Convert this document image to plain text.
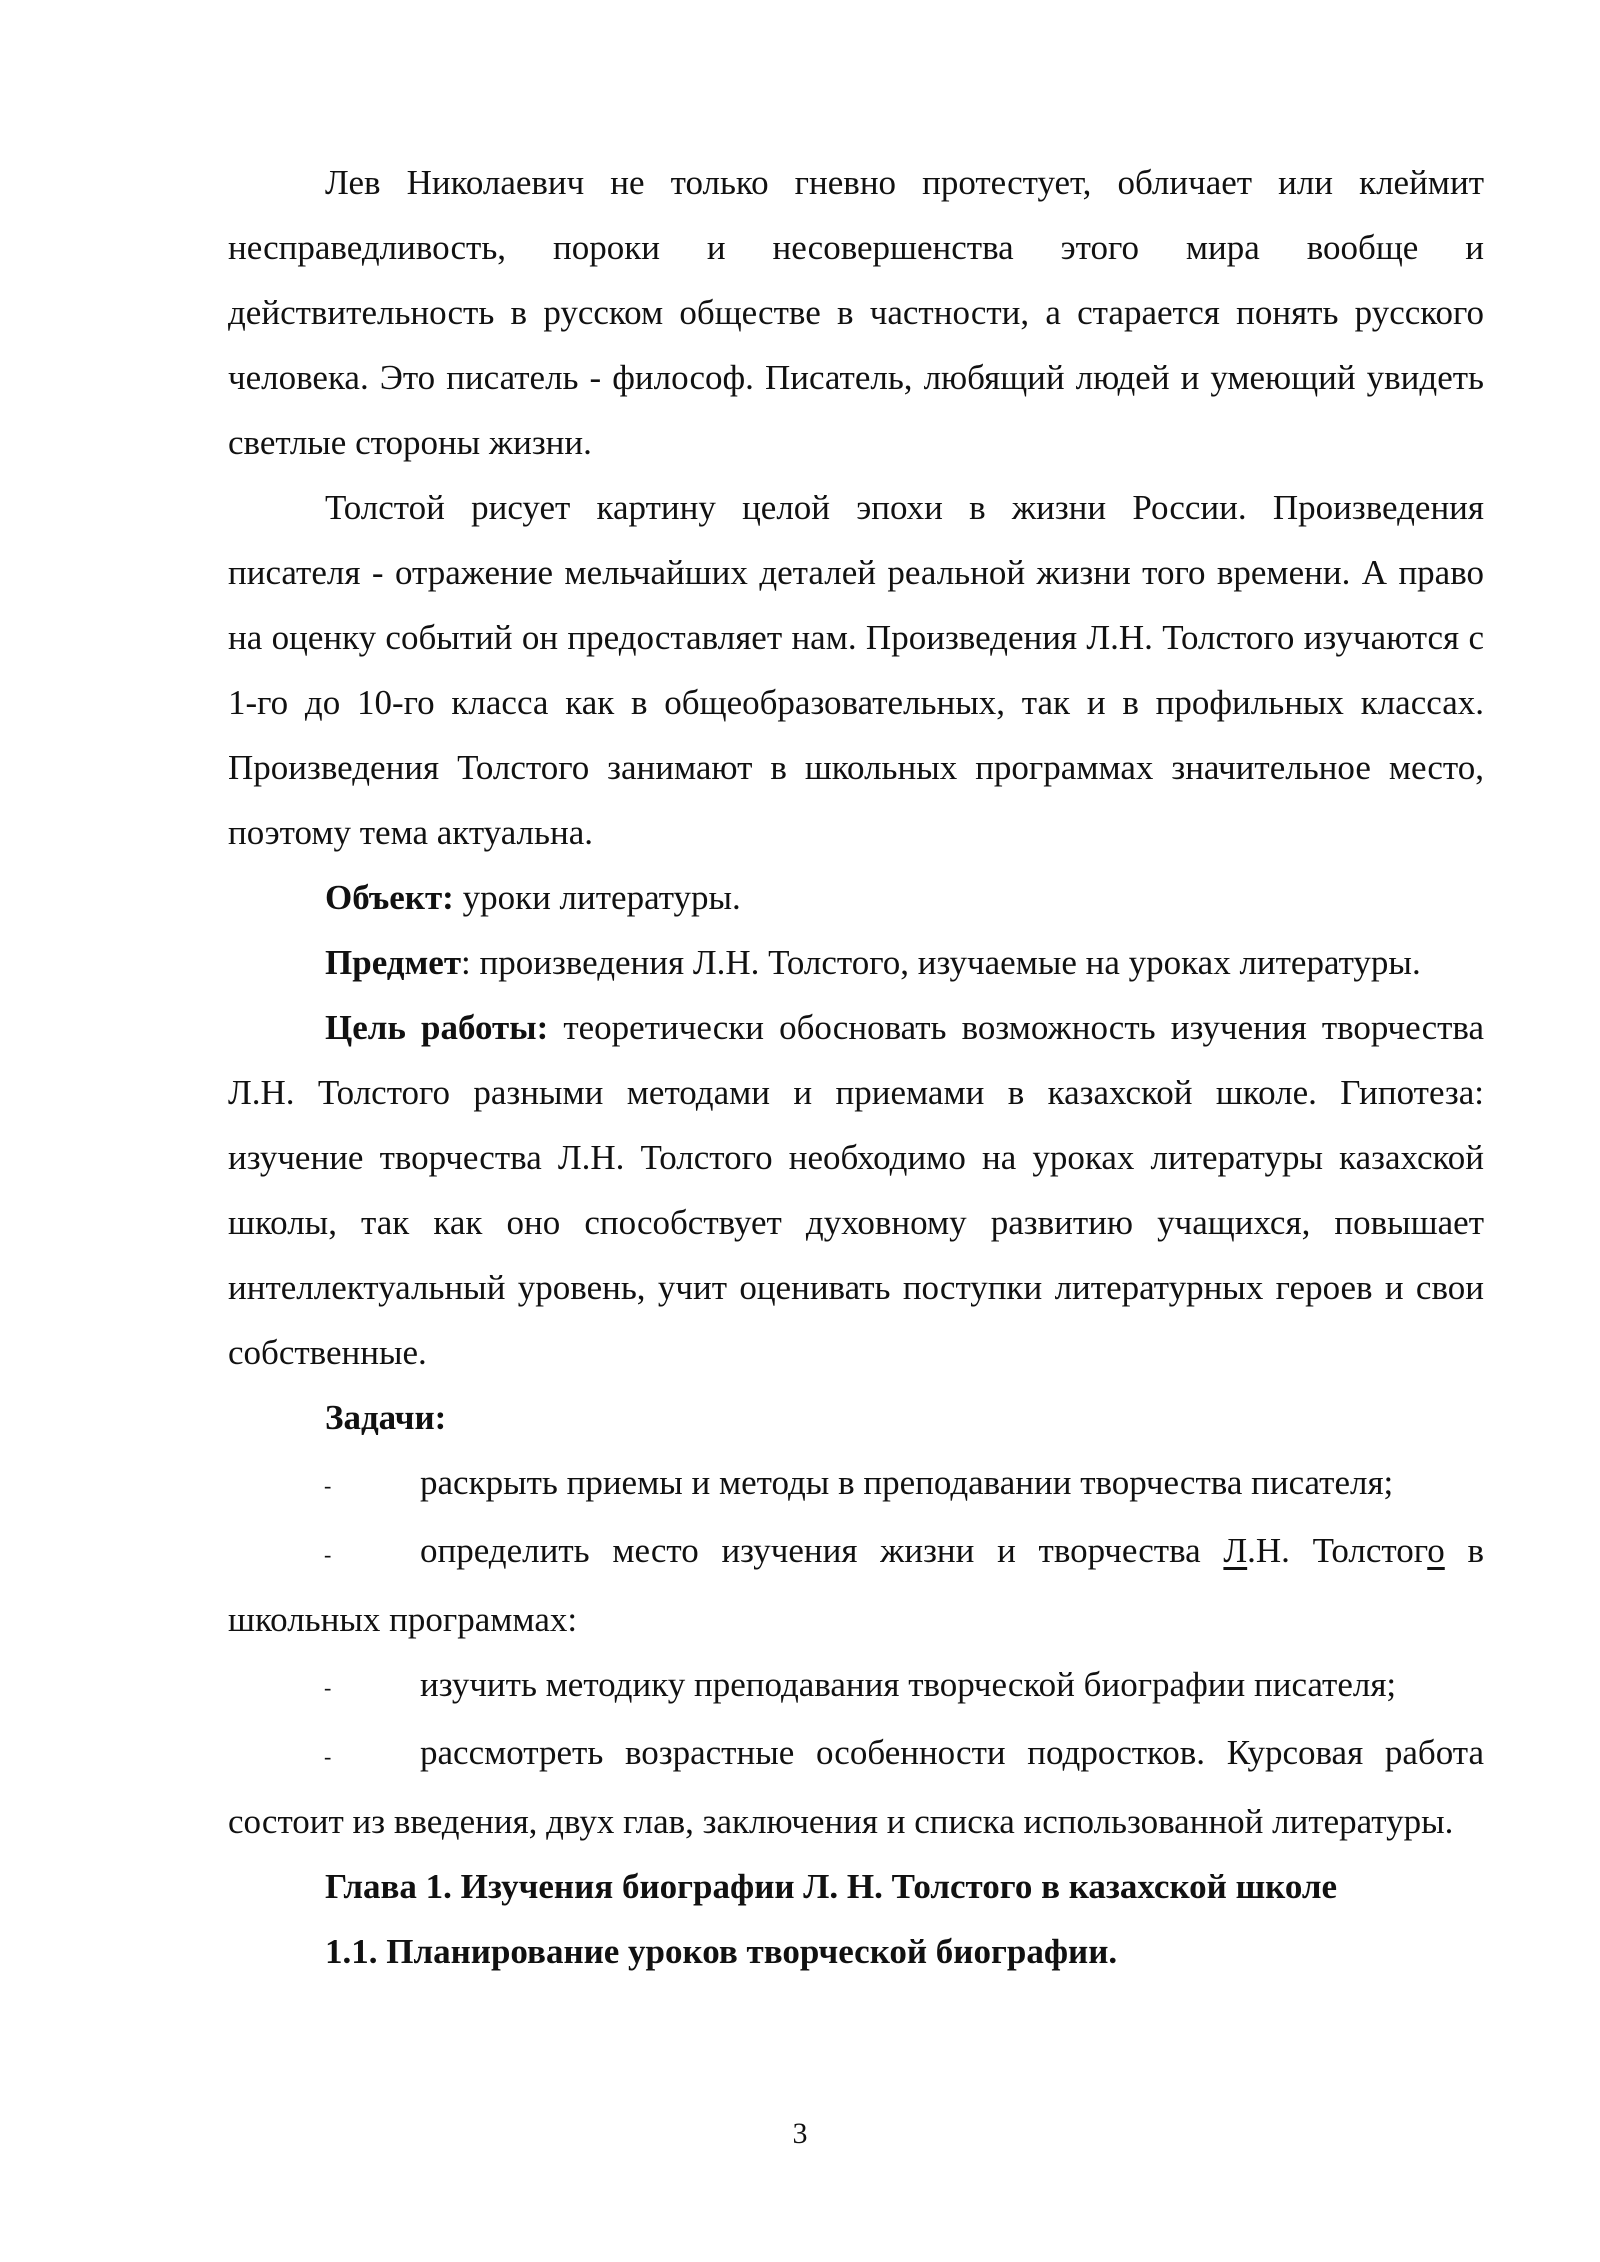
Лев Николаевич не только гневно протестует, обличает или клеймит несправедливость, пороки и несовершенства этого мира вообще и действительность в русском обществе в частности, а старается понять русского человека. Это писатель - философ. Писатель, любящий людей и умеющий увидеть светлые стороны жизни.

Толстой рисует картину целой эпохи в жизни России. Произведения писателя - отражение мельчайших деталей реальной жизни того времени. А право на оценку событий он предоставляет нам. Произведения Л.Н. Толстого изучаются с 1-го до 10-го класса как в общеобразовательных, так и в профильных классах. Произведения Толстого занимают в школьных программах значительное место, поэтому тема актуальна.

Объект: уроки литературы.

Предмет: произведения Л.Н. Толстого, изучаемые на уроках литературы.

Цель работы: теоретически обосновать возможность изучения творчества Л.Н. Толстого разными методами и приемами в казахской школе. Гипотеза: изучение творчества Л.Н. Толстого необходимо на уроках литературы казахской школы, так как оно способствует духовному развитию учащихся, повышает интеллектуальный уровень, учит оценивать поступки литературных героев и свои собственные.

Задачи:

-	раскрыть приемы и методы в преподавании творчества писателя;

-	определить место изучения жизни и творчества Л.Н. Толстого в школьных программах:

-	изучить методику преподавания творческой биографии писателя;

-	рассмотреть возрастные особенности подростков. Курсовая работа состоит из введения, двух глав, заключения и списка использованной литературы.

Глава 1. Изучения биографии Л. Н. Толстого в казахской школе

1.1. Планирование уроков творческой биографии.

3
